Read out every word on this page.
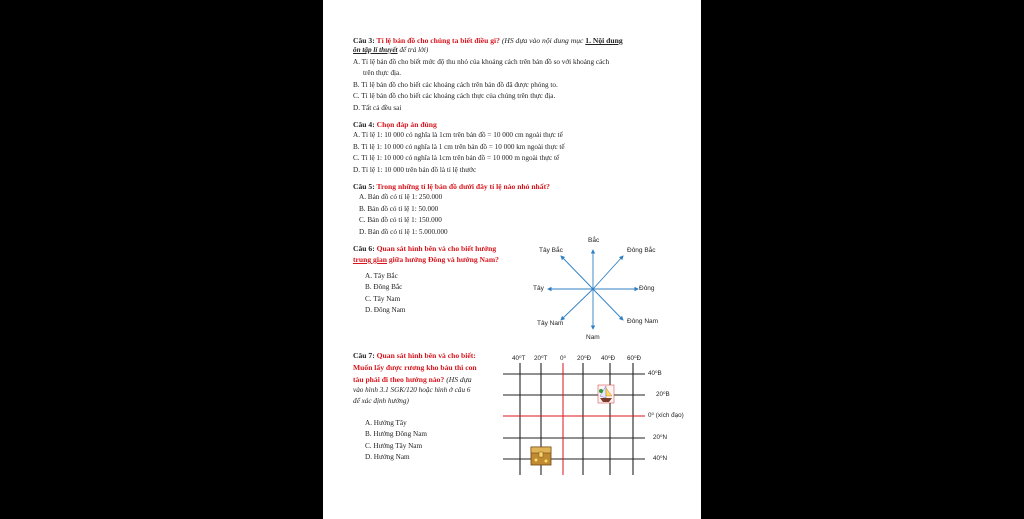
Câu 3: Tỉ lệ bản đồ cho chúng ta biết điều gì? (HS dựa vào nội dung mục 1. Nội dung
ôn tập lí thuyết để trả lời)
A. Tỉ lệ bản đồ cho biết mức độ thu nhỏ của khoảng cách trên bản đồ so với khoảng cách
trên thực địa.
B. Tỉ lệ bản đồ cho biết các khoảng cách trên bản đồ đã được phóng to.
C. Tỉ lệ bản đồ cho biết các khoảng cách thực của chúng trên thực địa.
D. Tất cả đều sai
Câu 4: Chọn đáp án đúng
A. Tỉ lệ 1: 10 000 có nghĩa là 1cm trên bản đồ = 10 000 cm ngoài thực tế
B. Tỉ lệ 1: 10 000 có nghĩa là 1 cm trên bản đồ = 10 000 km ngoài thực tế
C. Tỉ lệ 1: 10 000 có nghĩa là 1cm trên bản đồ = 10 000 m ngoài thực tế
D. Tỉ lệ 1: 10 000 trên bản đồ là tỉ lệ thước
Câu 5: Trong những tỉ lệ bản đồ dưới đây tỉ lệ nào nhỏ nhất?
A. Bản đồ có tỉ lệ 1: 250.000
B. Bản đồ có tỉ lệ 1: 50.000
C. Bản đồ có tỉ lệ 1: 150.000
D. Bản đồ có tỉ lệ 1: 5.000.000
Câu 6: Quan sát hình bên và cho biết hướng
trung gian giữa hướng Đông và hướng Nam?
A. Tây Bắc
B. Đông Bắc
C. Tây Nam
D. Đông Nam
Bắc
Tây Bắc	Đông Bắc
Tây	Đông
Tây Nam	Đông Nam
Nam
Câu 7: Quan sát hình bên và cho biết:
Muốn lấy được rương kho báu thì con
tàu phải đi theo hướng nào? (HS dựa
vào hình 3.1 SGK/120 hoặc hình ở câu 6
để xác định hướng)
A. Hướng Tây
B. Hướng Đông Nam
C. Hướng Tây Nam
D. Hướng Nam
40⁰T 20⁰T 0⁰ 20⁰Đ 40⁰Đ 60⁰Đ
40⁰B
20⁰B
0⁰ (xích đạo)
20⁰N
40⁰N
